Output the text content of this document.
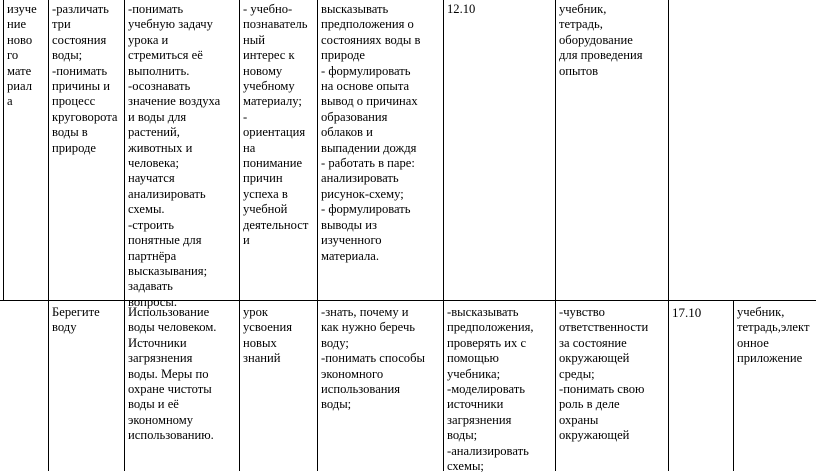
изуче
ние
ново
го
мате
риал
а
-различать
три
состояния
воды;
-понимать
причины и
процесс
круговорота
воды в
природе
-понимать
учебную задачу
урока и
стремиться её
выполнить.
-осознавать
значение воздуха
и воды для
растений,
животных и
человека;
научатся
анализировать
схемы.
-строить
понятные для
партнёра
высказывания;
задавать
вопросы.
- учебно-
познаватель
ный
интерес к
новому
учебному
материалу;
-
ориентация
на
понимание
причин
успеха в
учебной
деятельност
и
высказывать
предположения о
состояниях воды в
природе
- формулировать
на основе опыта
вывод о причинах
образования
облаков и
выпадении дождя
- работать в паре:
анализировать
рисунок-схему;
- формулировать
выводы из
изученного
материала.
12.10	учебник,
тетрадь,
оборудование
для проведения
опытов
Берегите
воду
Использование
воды человеком.
Источники
загрязнения
воды. Меры по
охране чистоты
воды и её
экономному
использованию.
урок
усвоения
новых
знаний
-знать, почему и
как нужно беречь
воду;
-понимать способы
экономного
использования
воды;
-высказывать
предположения,
проверять их с
помощью
учебника;
-моделировать
источники
загрязнения
воды;
-анализировать
схемы;
-чувство
ответственности
за состояние
окружающей
среды;
-понимать свою
роль в деле
охраны
окружающей
17.10	учебник,
тетрадь,элект
онное
приложение
